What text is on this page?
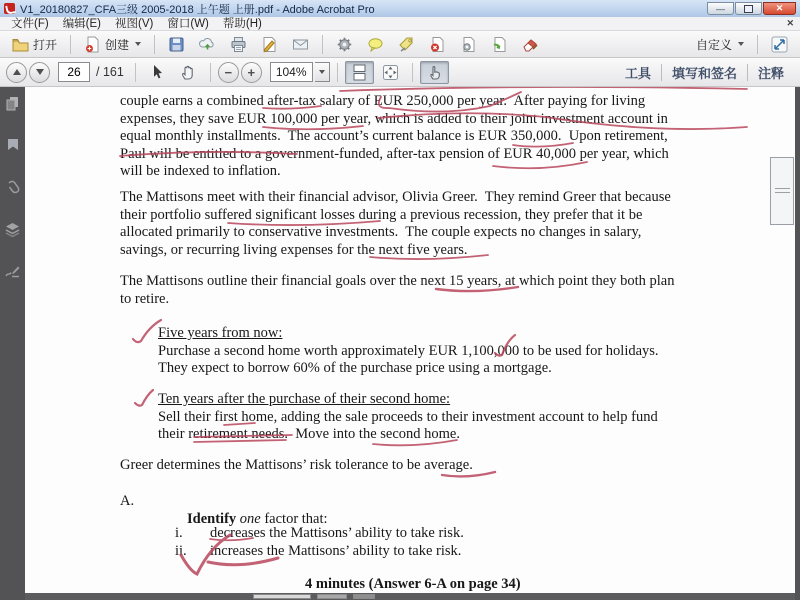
V1_20180827_CFA三级 2005-2018 上午题 上册.pdf - Adobe Acrobat Pro	—	✕
文件(F)	编辑(E)	视图(V)	窗口(W)	帮助(H)	✕
打开	创建	自定义
26
/ 161	− +	104%	工具	填写和签名	注释
couple earns a combined after-tax salary of EUR 250,000 per year.  After paying for living
expenses, they save EUR 100,000 per year, which is added to their joint investment account in
equal monthly installments.  The account’s current balance is EUR 350,000.  Upon retirement,
Paul will be entitled to a government-funded, after-tax pension of EUR 40,000 per year, which
will be indexed to inflation.
The Mattisons meet with their financial advisor, Olivia Greer.  They remind Greer that because
their portfolio suffered significant losses during a previous recession, they prefer that it be
allocated primarily to conservative investments.  The couple expects no changes in salary,
savings, or recurring living expenses for the next five years.
The Mattisons outline their financial goals over the next 15 years, at which point they both plan
to retire.
Five years from now:
Purchase a second home worth approximately EUR 1,100,000 to be used for holidays.
They expect to borrow 60% of the purchase price using a mortgage.
Ten years after the purchase of their second home:
Sell their first home, adding the sale proceeds to their investment account to help fund
their retirement needs.  Move into the second home.
Greer determines the Mattisons’ risk tolerance to be average.
A.

Identify one factor that:

i. decreases the Mattisons’ ability to take risk.
ii. increases the Mattisons’ ability to take risk.
4 minutes (Answer 6-A on page 34)
